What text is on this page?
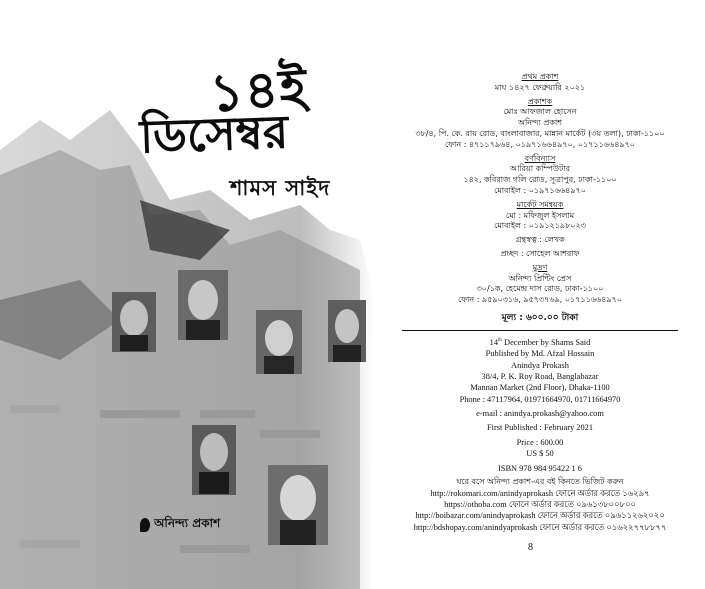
১৪ই
ডিসেম্বর
শামস সাইদ
অনিন্দ্য প্রকাশ
প্রথম প্রকাশ
মাঘ ১৪২৭ ফেব্রুয়ারি ২০২১
প্রকাশক
মোঃ আফজাল হোসেন
অনিন্দ্য প্রকাশ
৩৮/৪, পি. কে. রায় রোড, বাংলাবাজার, মান্নান মার্কেট (৩য় তলা), ঢাকা-১১০০
ফোন : ৪৭১১৭৯৬৪, ০১৯৭১৬৬৪৯৭০, ০১৭১১৬৬৪৯৭০
বর্ণবিন্যাস
আরিয়া কম্পিউটার
১৪২, কবিরাজ গলি রোড, সূত্রাপুর, ঢাকা-১১০০
মোবাইল : ০১৯৭১৬৬৪৯৭০
মার্কেট সমন্বয়ক
মো : মফিজুল ইসলাম
মোবাইল : ০১৯১২১৯৮০২৩
গ্রন্থস্বত্ব : লেখক
প্রচ্ছদ : সোহেল আশরাফ
মুদ্রণ
অনিন্দ্য প্রিন্টিং প্রেস
৩০/১ক, হেমেন্দ্র দাস রোড, ঢাকা-১১০০
ফোন : ৯৫৯০৩১৬, ৯৫৭৩৭৬৯, ০১৭১১৬৬৪৯৭০
মূল্য : ৬০০.০০ টাকা
14th December by Shams Said
Published by Md. Afzal Hossain
Anindya Prokash
38/4, P. K. Roy Road, Banglabazar
Mannan Market (2nd Floor), Dhaka-1100
Phone : 47117964, 01971664970, 01711664970
e-mail : anindya.prokash@yahoo.com
First Published : February 2021
Price : 600.00
US $ 50
ISBN 978 984 95422 1 6
ঘরে বসে অনিন্দ্য প্রকাশ-এর বই কিনতে ভিজিট করুন
http://rokomari.com/anindyaprokash ফোনে অর্ডার করতে ১৬২৯৭
https://othoba.com ফোনে অর্ডার করতে ০৯৬১৩৮০০৮০০
http://boibazar.com/anindyaprokash ফোনে অর্ডার করতে ০৯৬১১২৬২০২০
http://bdshopay.com/anindyaprokash ফোনে অর্ডার করতে ০১৬২২৭৭৮৮৭৭
8
